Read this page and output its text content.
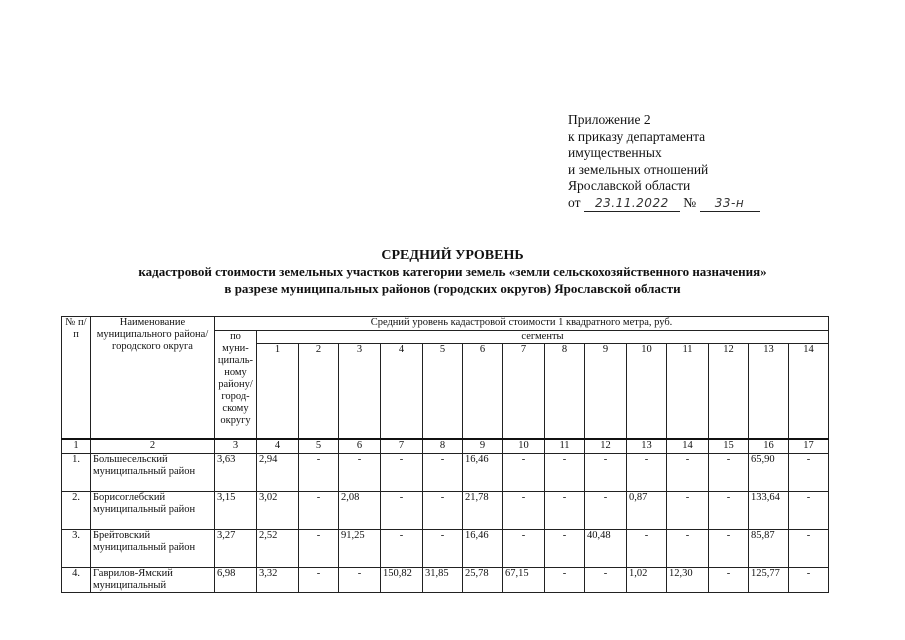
Приложение 2
к приказу департамента
имущественных
и земельных отношений
Ярославской области
от 23.11.2022 № 33-н
СРЕДНИЙ УРОВЕНЬ
кадастровой стоимости земельных участков категории земель «земли сельскохозяйственного назначения»
в разрезе муниципальных районов (городских округов) Ярославской области
№ п/п	Наименование муниципального района/ городского округа	Средний уровень кадастровой стоимости 1 квадратного метра, руб.														
		по муни-ципаль-ному району/ город-скому округу	сегменты													
			1	2	3	4	5	6	7	8	9	10	11	12	13	14
1	2	3	4	5	6	7	8	9	10	11	12	13	14	15	16	17
1.	Большесельский муниципальный район	3,63	2,94	-	-	-	-	16,46	-	-	-	-	-	-	65,90	-
2.	Борисоглебский муниципальный район	3,15	3,02	-	2,08	-	-	21,78	-	-	-	0,87	-	-	133,64	-
3.	Брейтовский муниципальный район	3,27	2,52	-	91,25	-	-	16,46	-	-	40,48	-	-	-	85,87	-
4.	Гаврилов-Ямский муниципальный	6,98	3,32	-	-	150,82	31,85	25,78	67,15	-	-	1,02	12,30	-	125,77	-
